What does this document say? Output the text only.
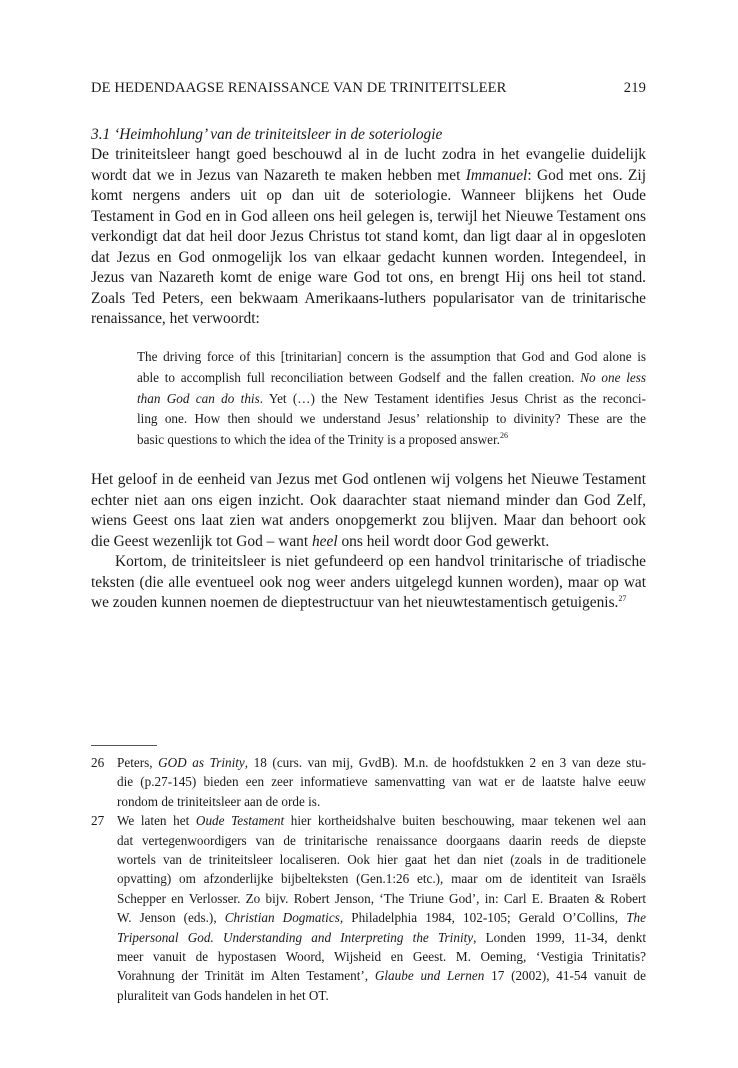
DE HEDENDAAGSE RENAISSANCE VAN DE TRINITEITSLEER	219
3.1 ‘Heimhohlung’ van de triniteitsleer in de soteriologie
De triniteitsleer hangt goed beschouwd al in de lucht zodra in het evangelie duidelijk
wordt dat we in Jezus van Nazareth te maken hebben met Immanuel: God met ons. Zij
komt nergens anders uit op dan uit de soteriologie. Wanneer blijkens het Oude
Testament in God en in God alleen ons heil gelegen is, terwijl het Nieuwe Testament ons
verkondigt dat dat heil door Jezus Christus tot stand komt, dan ligt daar al in opgesloten
dat Jezus en God onmogelijk los van elkaar gedacht kunnen worden. Integendeel, in
Jezus van Nazareth komt de enige ware God tot ons, en brengt Hij ons heil tot stand.
Zoals Ted Peters, een bekwaam Amerikaans-luthers popularisator van de trinitarische
renaissance, het verwoordt:
The driving force of this [trinitarian] concern is the assumption that God and God alone is
able to accomplish full reconciliation between Godself and the fallen creation. No one less
than God can do this. Yet (…) the New Testament identifies Jesus Christ as the reconci-
ling one. How then should we understand Jesus’ relationship to divinity? These are the
basic questions to which the idea of the Trinity is a proposed answer.$^{26}$
Het geloof in de eenheid van Jezus met God ontlenen wij volgens het Nieuwe Testament
echter niet aan ons eigen inzicht. Ook daarachter staat niemand minder dan God Zelf,
wiens Geest ons laat zien wat anders onopgemerkt zou blijven. Maar dan behoort ook
die Geest wezenlijk tot God – want heel ons heil wordt door God gewerkt.
Kortom, de triniteitsleer is niet gefundeerd op een handvol trinitarische of triadische
teksten (die alle eventueel ook nog weer anders uitgelegd kunnen worden), maar op wat
we zouden kunnen noemen de dieptestructuur van het nieuwtestamentisch getuigenis.$^{27}$
26 Peters, GOD as Trinity, 18 (curs. van mij, GvdB). M.n. de hoofdstukken 2 en 3 van deze stu-
die (p.27-145) bieden een zeer informatieve samenvatting van wat er de laatste halve eeuw
rondom de triniteitsleer aan de orde is.
27 We laten het Oude Testament hier kortheidshalve buiten beschouwing, maar tekenen wel aan
dat vertegenwoordigers van de trinitarische renaissance doorgaans daarin reeds de diepste
wortels van de triniteitsleer localiseren. Ook hier gaat het dan niet (zoals in de traditionele
opvatting) om afzonderlijke bijbelteksten (Gen.1:26 etc.), maar om de identiteit van Israëls
Schepper en Verlosser. Zo bijv. Robert Jenson, ‘The Triune God’, in: Carl E. Braaten & Robert
W. Jenson (eds.), Christian Dogmatics, Philadelphia 1984, 102-105; Gerald O’Collins, The
Tripersonal God. Understanding and Interpreting the Trinity, Londen 1999, 11-34, denkt
meer vanuit de hypostasen Woord, Wijsheid en Geest. M. Oeming, ‘Vestigia Trinitatis?
Vorahnung der Trinität im Alten Testament’, Glaube und Lernen 17 (2002), 41-54 vanuit de
pluraliteit van Gods handelen in het OT.
